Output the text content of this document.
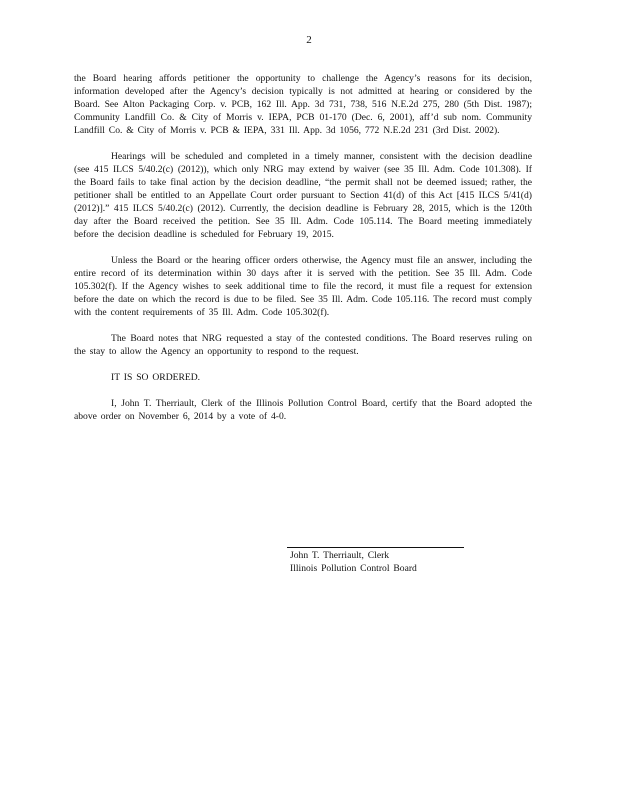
2

the Board hearing affords petitioner the opportunity to challenge the Agency’s reasons for its decision, information developed after the Agency’s decision typically is not admitted at hearing or considered by the Board. See Alton Packaging Corp. v. PCB, 162 Ill. App. 3d 731, 738, 516 N.E.2d 275, 280 (5th Dist. 1987); Community Landfill Co. & City of Morris v. IEPA, PCB 01-170 (Dec. 6, 2001), aff’d sub nom. Community Landfill Co. & City of Morris v. PCB & IEPA, 331 Ill. App. 3d 1056, 772 N.E.2d 231 (3rd Dist. 2002).

Hearings will be scheduled and completed in a timely manner, consistent with the decision deadline (see 415 ILCS 5/40.2(c) (2012)), which only NRG may extend by waiver (see 35 Ill. Adm. Code 101.308). If the Board fails to take final action by the decision deadline, “the permit shall not be deemed issued; rather, the petitioner shall be entitled to an Appellate Court order pursuant to Section 41(d) of this Act [415 ILCS 5/41(d) (2012)].” 415 ILCS 5/40.2(c) (2012). Currently, the decision deadline is February 28, 2015, which is the 120th day after the Board received the petition. See 35 Ill. Adm. Code 105.114. The Board meeting immediately before the decision deadline is scheduled for February 19, 2015.

Unless the Board or the hearing officer orders otherwise, the Agency must file an answer, including the entire record of its determination within 30 days after it is served with the petition. See 35 Ill. Adm. Code 105.302(f). If the Agency wishes to seek additional time to file the record, it must file a request for extension before the date on which the record is due to be filed. See 35 Ill. Adm. Code 105.116. The record must comply with the content requirements of 35 Ill. Adm. Code 105.302(f).

The Board notes that NRG requested a stay of the contested conditions. The Board reserves ruling on the stay to allow the Agency an opportunity to respond to the request.

IT IS SO ORDERED.

I, John T. Therriault, Clerk of the Illinois Pollution Control Board, certify that the Board adopted the above order on November 6, 2014 by a vote of 4-0.

John T. Therriault, Clerk
Illinois Pollution Control Board
